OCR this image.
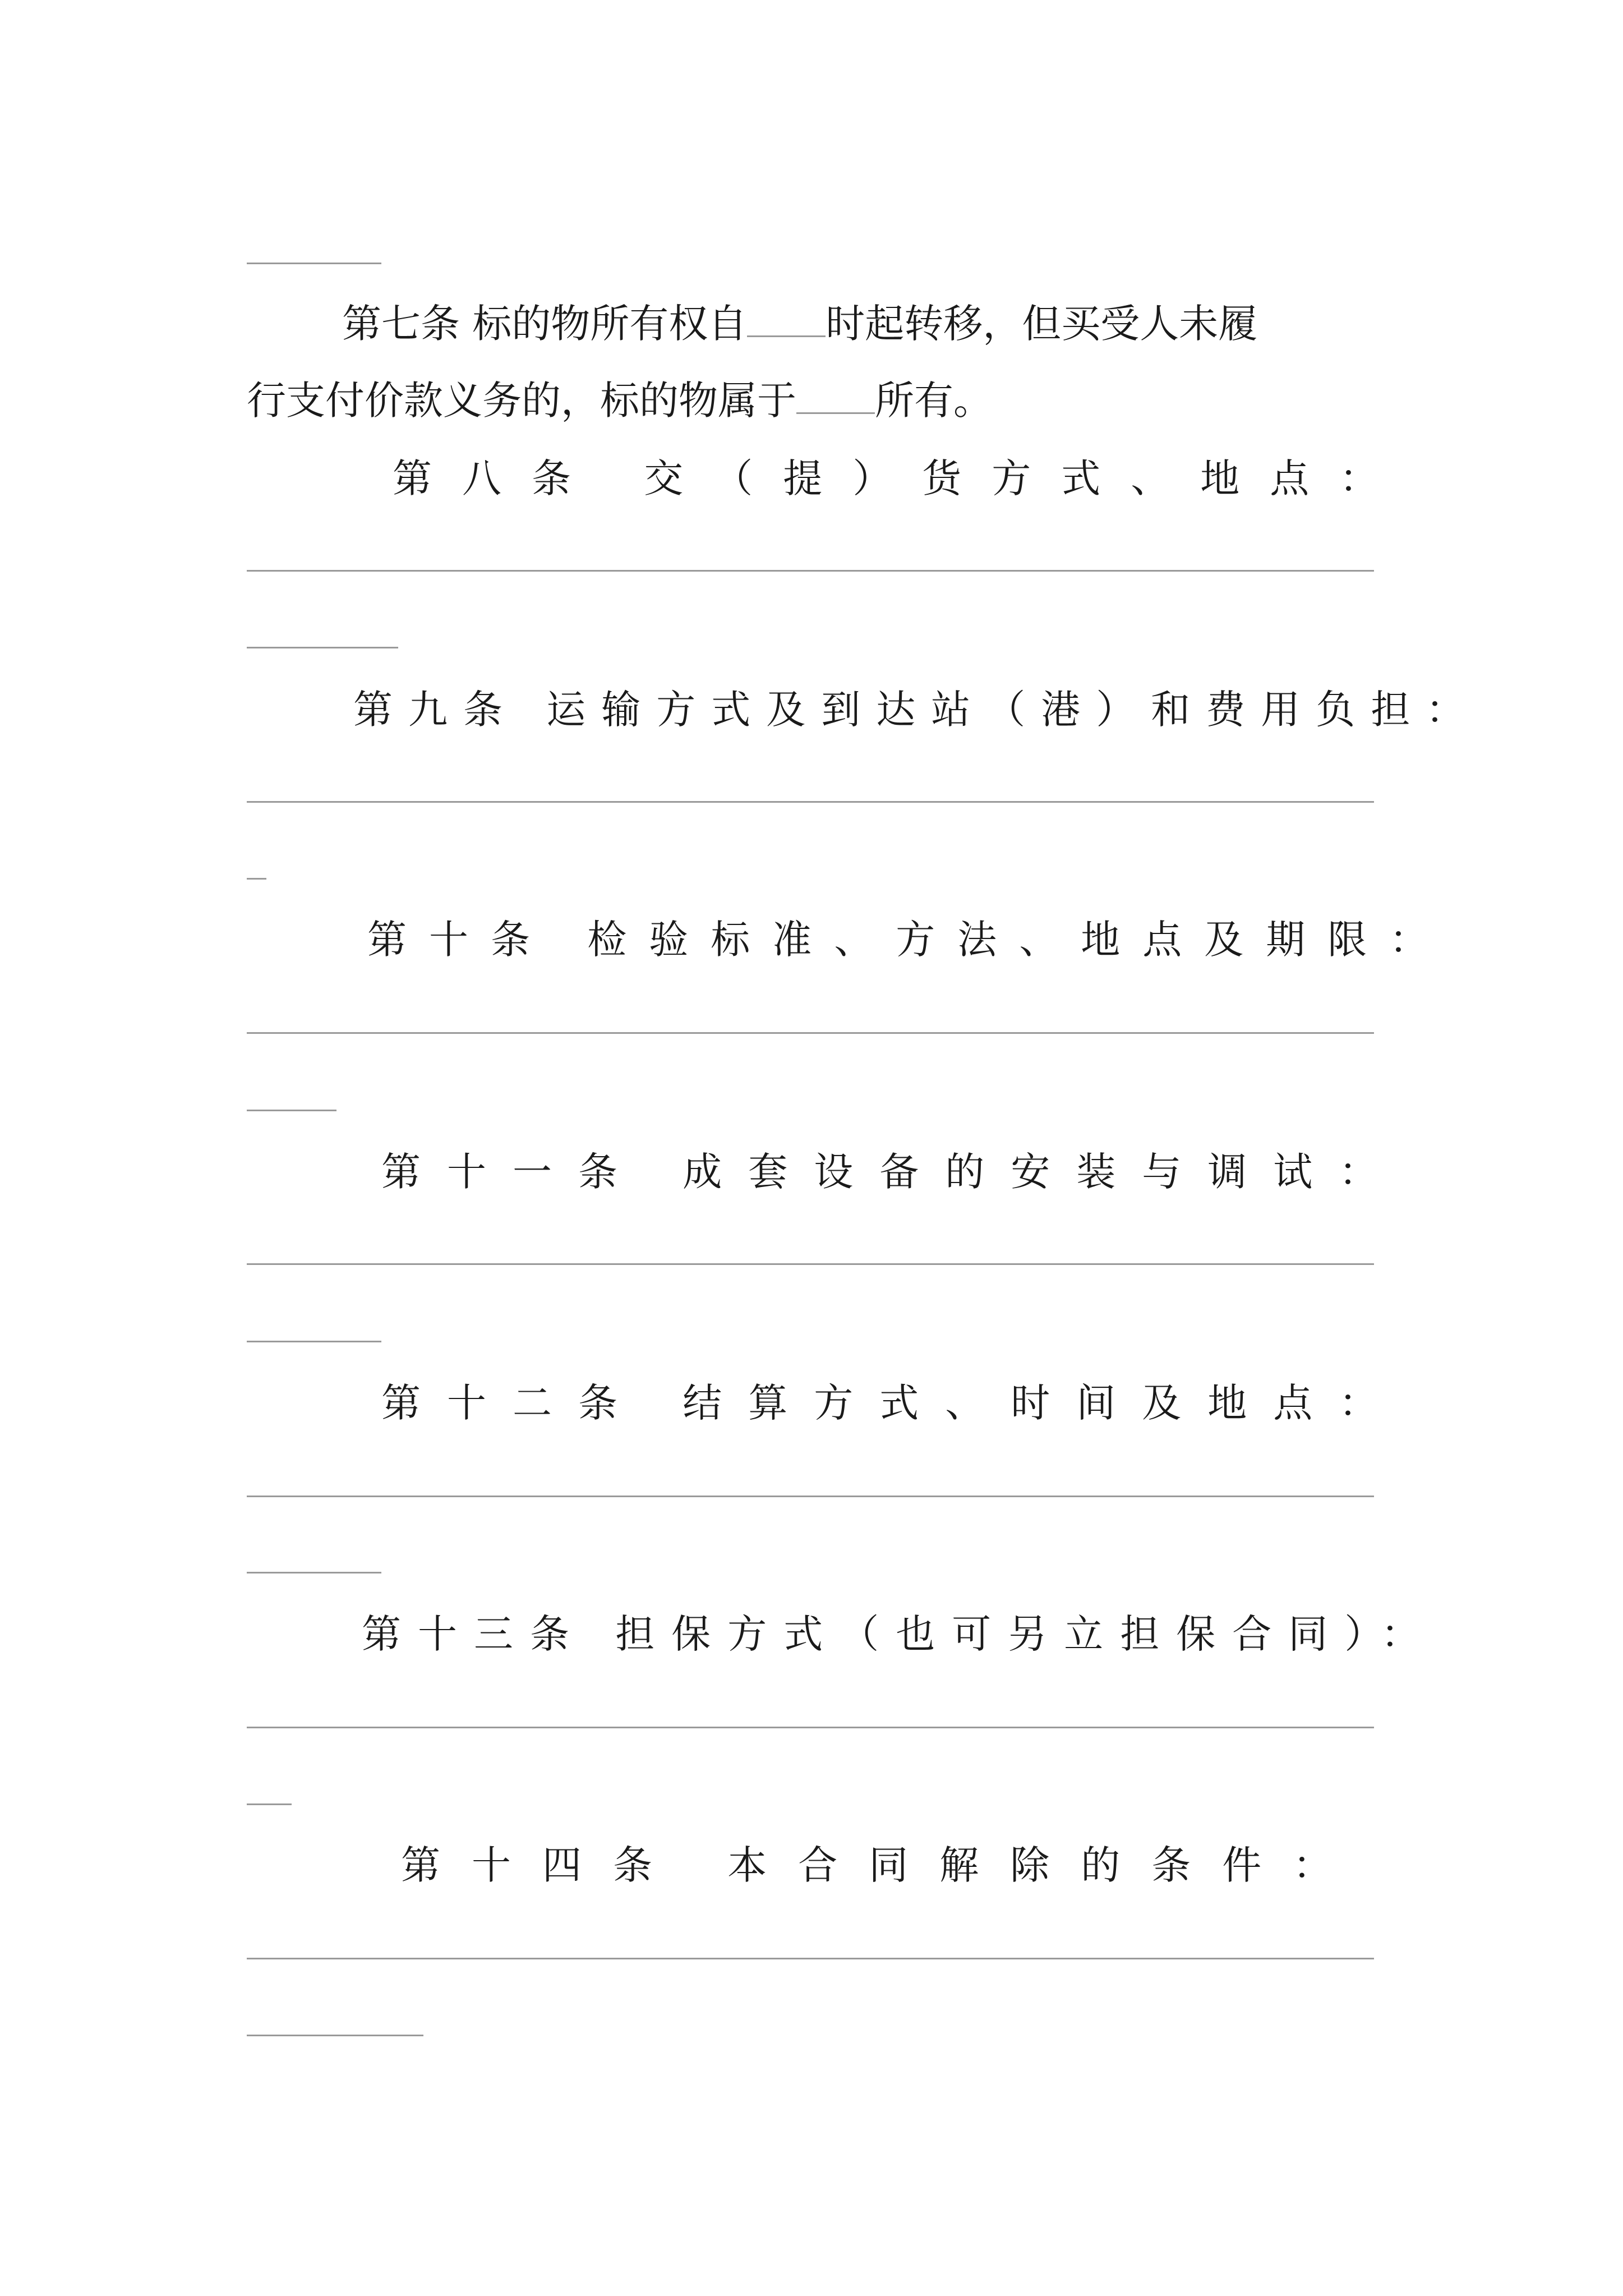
第七条 标的物所有权自 时起转移，但买受人未履
行支付价款义务的，标的物属于 所有。
第八条 交（提）货方式、地点：
第九条 运输方式及到达站（港）和费用负担：
第十条 检验标准、方法、地点及期限：
第十一条 成套设备的安装与调试：
第十二条 结算方式、时间及地点：
第十三条 担保方式（也可另立担保合同）：
第十四条 本合同解除的条件：
